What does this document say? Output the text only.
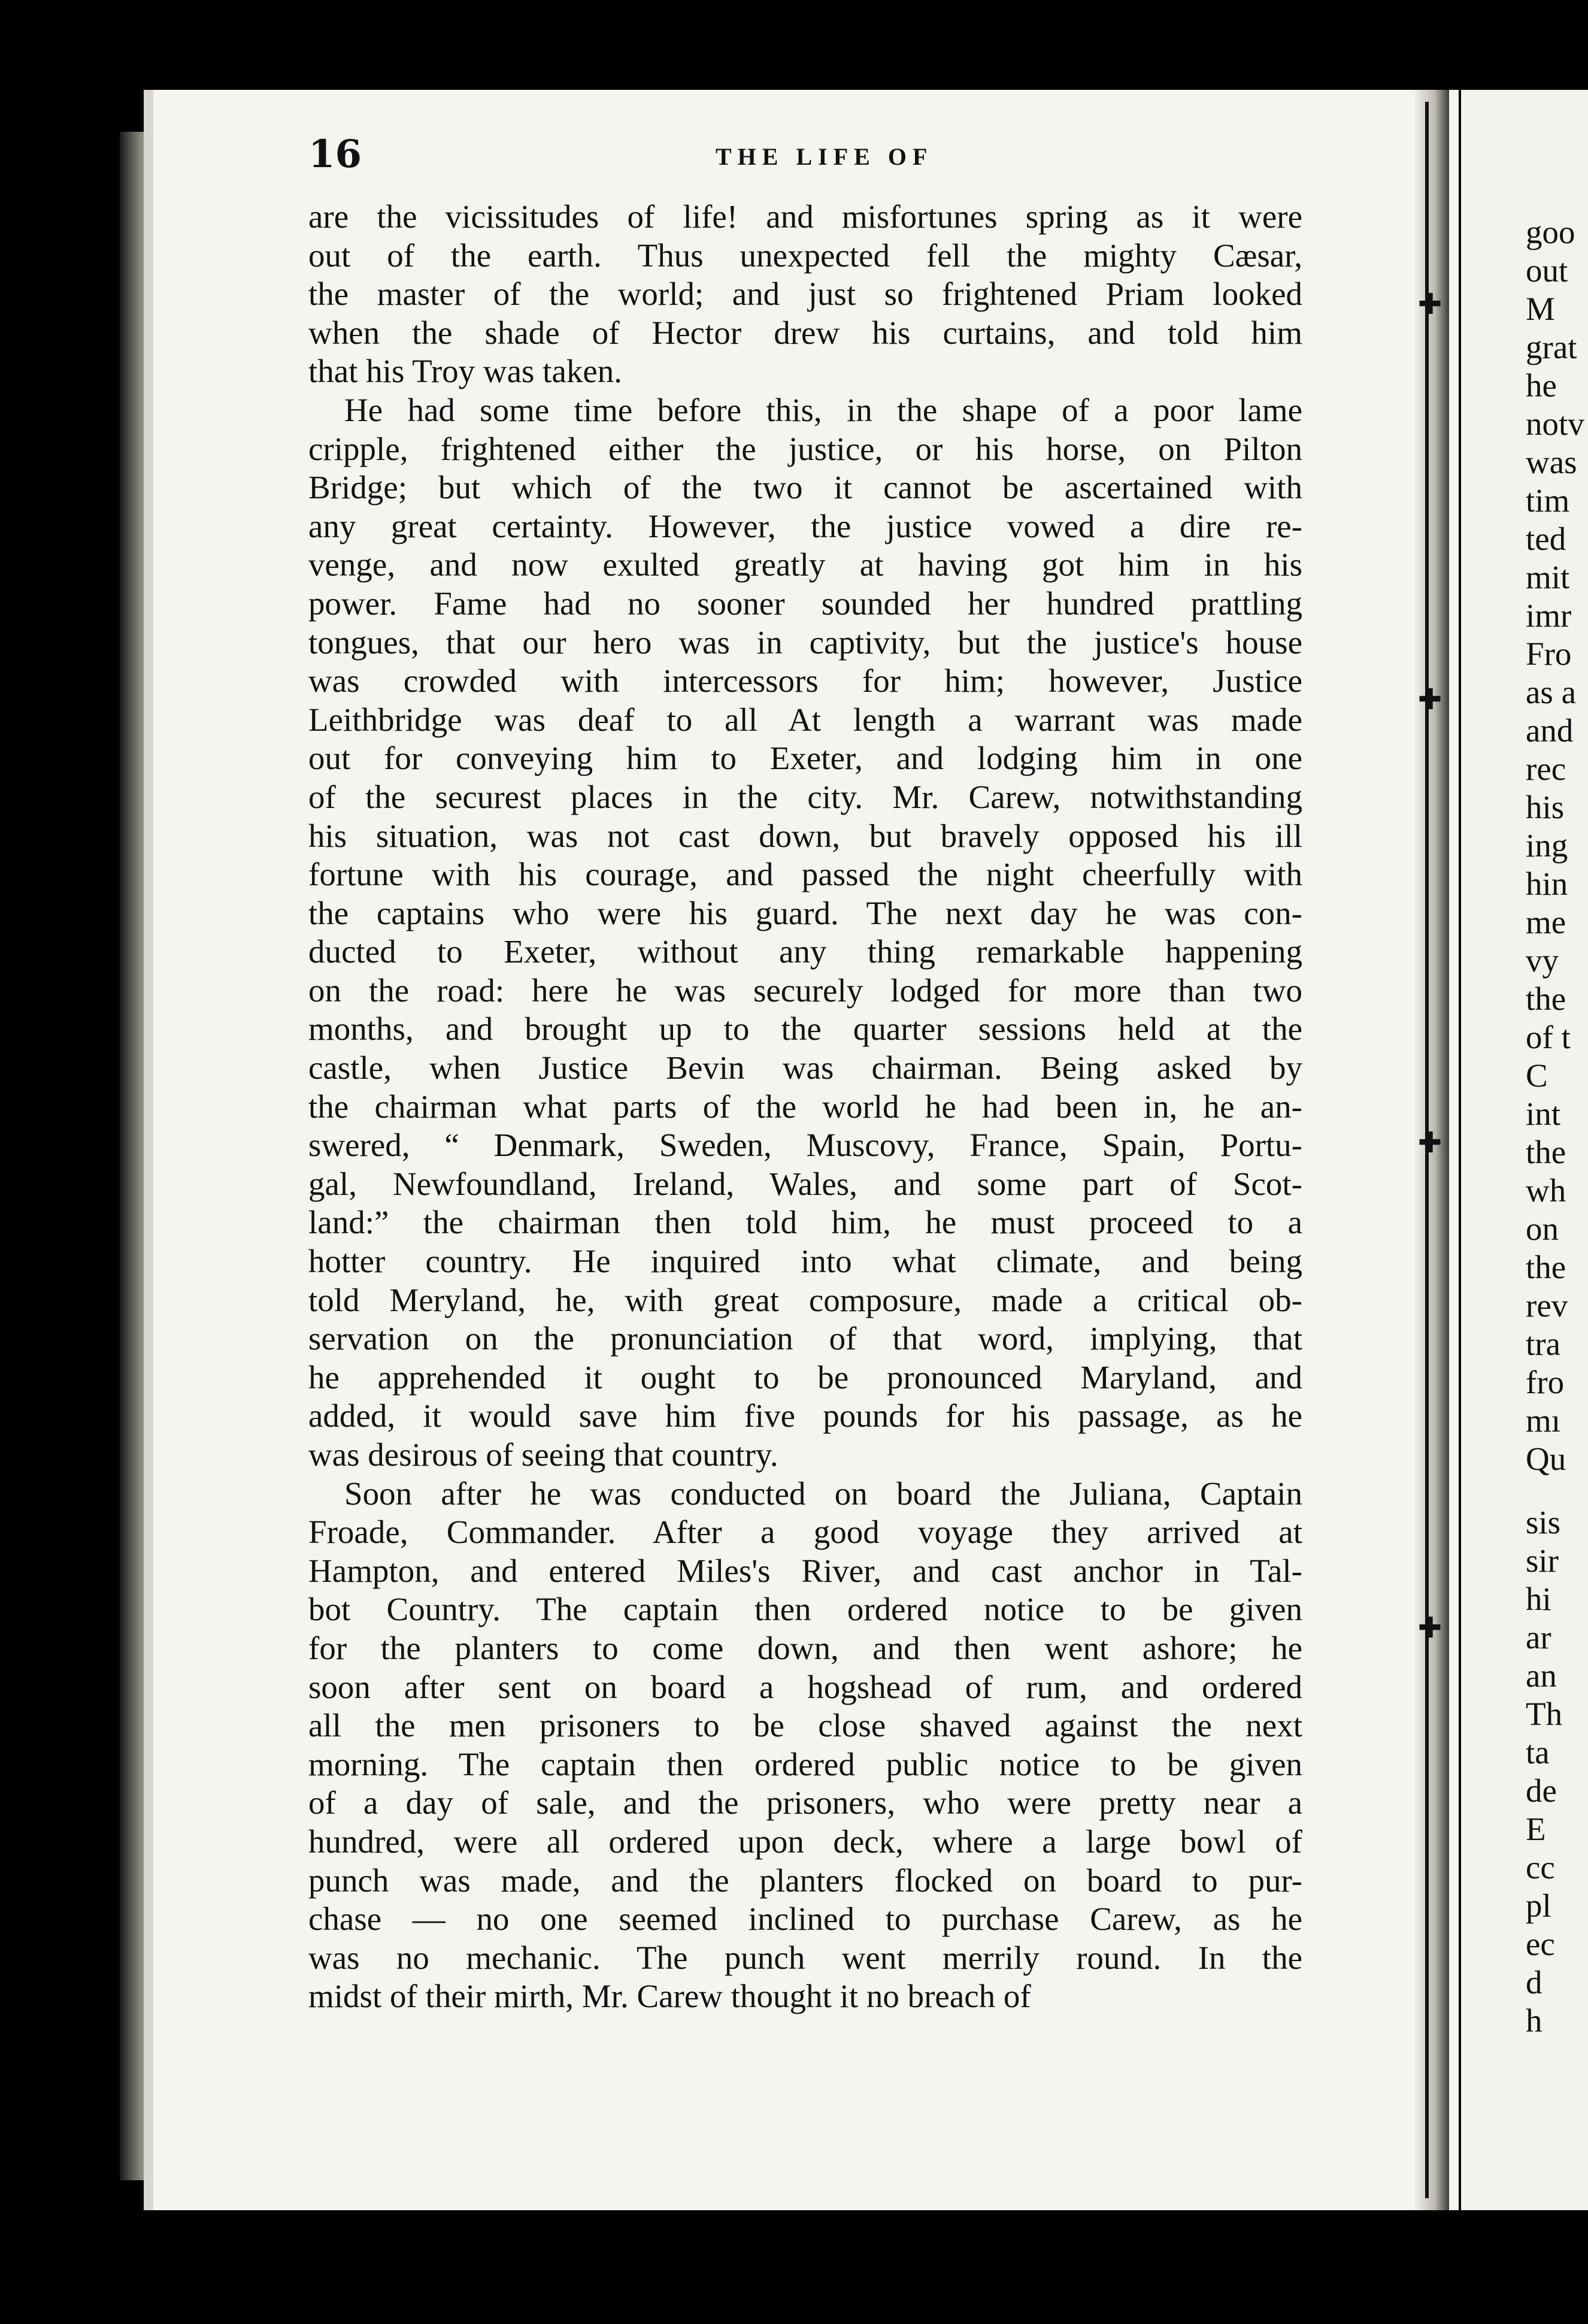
16	THE LIFE OF

are the vicissitudes of life! and misfortunes spring as it were
out of the earth. Thus unexpected fell the mighty Cæsar,
the master of the world; and just so frightened Priam looked
when the shade of Hector drew his curtains, and told him
that his Troy was taken.

He had some time before this, in the shape of a poor lame
cripple, frightened either the justice, or his horse, on Pilton
Bridge; but which of the two it cannot be ascertained with
any great certainty. However, the justice vowed a dire re-
venge, and now exulted greatly at having got him in his
power. Fame had no sooner sounded her hundred prattling
tongues, that our hero was in captivity, but the justice's house
was crowded with intercessors for him; however, Justice
Leithbridge was deaf to all At length a warrant was made
out for conveying him to Exeter, and lodging him in one
of the securest places in the city. Mr. Carew, notwithstanding
his situation, was not cast down, but bravely opposed his ill
fortune with his courage, and passed the night cheerfully with
the captains who were his guard. The next day he was con-
ducted to Exeter, without any thing remarkable happening
on the road: here he was securely lodged for more than two
months, and brought up to the quarter sessions held at the
castle, when Justice Bevin was chairman. Being asked by
the chairman what parts of the world he had been in, he an-
swered, “ Denmark, Sweden, Muscovy, France, Spain, Portu-
gal, Newfoundland, Ireland, Wales, and some part of Scot-
land:” the chairman then told him, he must proceed to a
hotter country. He inquired into what climate, and being
told Meryland, he, with great composure, made a critical ob-
servation on the pronunciation of that word, implying, that
he apprehended it ought to be pronounced Maryland, and
added, it would save him five pounds for his passage, as he
was desirous of seeing that country.

Soon after he was conducted on board the Juliana, Captain
Froade, Commander. After a good voyage they arrived at
Hampton, and entered Miles's River, and cast anchor in Tal-
bot Country. The captain then ordered notice to be given
for the planters to come down, and then went ashore; he
soon after sent on board a hogshead of rum, and ordered
all the men prisoners to be close shaved against the next
morning. The captain then ordered public notice to be given
of a day of sale, and the prisoners, who were pretty near a
hundred, were all ordered upon deck, where a large bowl of
punch was made, and the planters flocked on board to pur-
chase — no one seemed inclined to purchase Carew, as he
was no mechanic. The punch went merrily round. In the
midst of their mirth, Mr. Carew thought it no breach of

goo
out
M
grat
he
notv
was
tim
ted
mit
imr
Fro
as a
and
rec
his
ing
hin
me
vy
the
of t
C
int
the
wh
on
the
rev
tra
fro
mı
Qu
sis
sir
hi
ar
an
Th
ta
de
E
cc
pl
ec
d
h
✚
✚
✚
✚
